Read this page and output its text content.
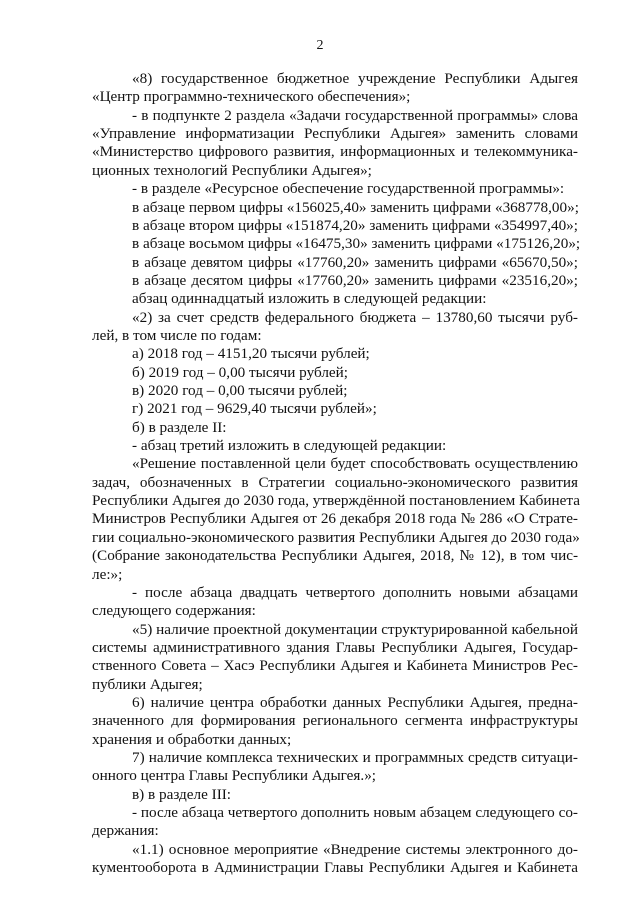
2
«8) государственное бюджетное учреждение Республики Адыгея
«Центр программно-технического обеспечения»;
- в подпункте 2 раздела «Задачи государственной программы» слова
«Управление информатизации Республики Адыгея» заменить словами
«Министерство цифрового развития, информационных и телекоммуника-
ционных технологий Республики Адыгея»;
- в разделе «Ресурсное обеспечение государственной программы»:
в абзаце первом цифры «156025,40» заменить цифрами «368778,00»;
в абзаце втором цифры «151874,20» заменить цифрами «354997,40»;
в абзаце восьмом цифры «16475,30» заменить цифрами «175126,20»;
в абзаце девятом цифры «17760,20» заменить цифрами «65670,50»;
в абзаце десятом цифры «17760,20» заменить цифрами «23516,20»;
абзац одиннадцатый изложить в следующей редакции:
«2) за счет средств федерального бюджета – 13780,60 тысячи руб-
лей, в том числе по годам:
а) 2018 год – 4151,20 тысячи рублей;
б) 2019 год – 0,00 тысячи рублей;
в) 2020 год – 0,00 тысячи рублей;
г) 2021 год – 9629,40 тысячи рублей»;
б) в разделе II:
- абзац третий изложить в следующей редакции:
«Решение поставленной цели будет способствовать осуществлению
задач, обозначенных в Стратегии социально-экономического развития
Республики Адыгея до 2030 года, утверждённой постановлением Кабинета
Министров Республики Адыгея от 26 декабря 2018 года № 286 «О Страте-
гии социально-экономического развития Республики Адыгея до 2030 года»
(Собрание законодательства Республики Адыгея, 2018, № 12), в том чис-
ле:»;
- после абзаца двадцать четвертого дополнить новыми абзацами
следующего содержания:
«5) наличие проектной документации структурированной кабельной
системы административного здания Главы Республики Адыгея, Государ-
ственного Совета – Хасэ Республики Адыгея и Кабинета Министров Рес-
публики Адыгея;
6) наличие центра обработки данных Республики Адыгея, предна-
значенного для формирования регионального сегмента инфраструктуры
хранения и обработки данных;
7) наличие комплекса технических и программных средств ситуаци-
онного центра Главы Республики Адыгея.»;
в) в разделе III:
- после абзаца четвертого дополнить новым абзацем следующего со-
держания:
«1.1) основное мероприятие «Внедрение системы электронного до-
кументооборота в Администрации Главы Республики Адыгея и Кабинета
